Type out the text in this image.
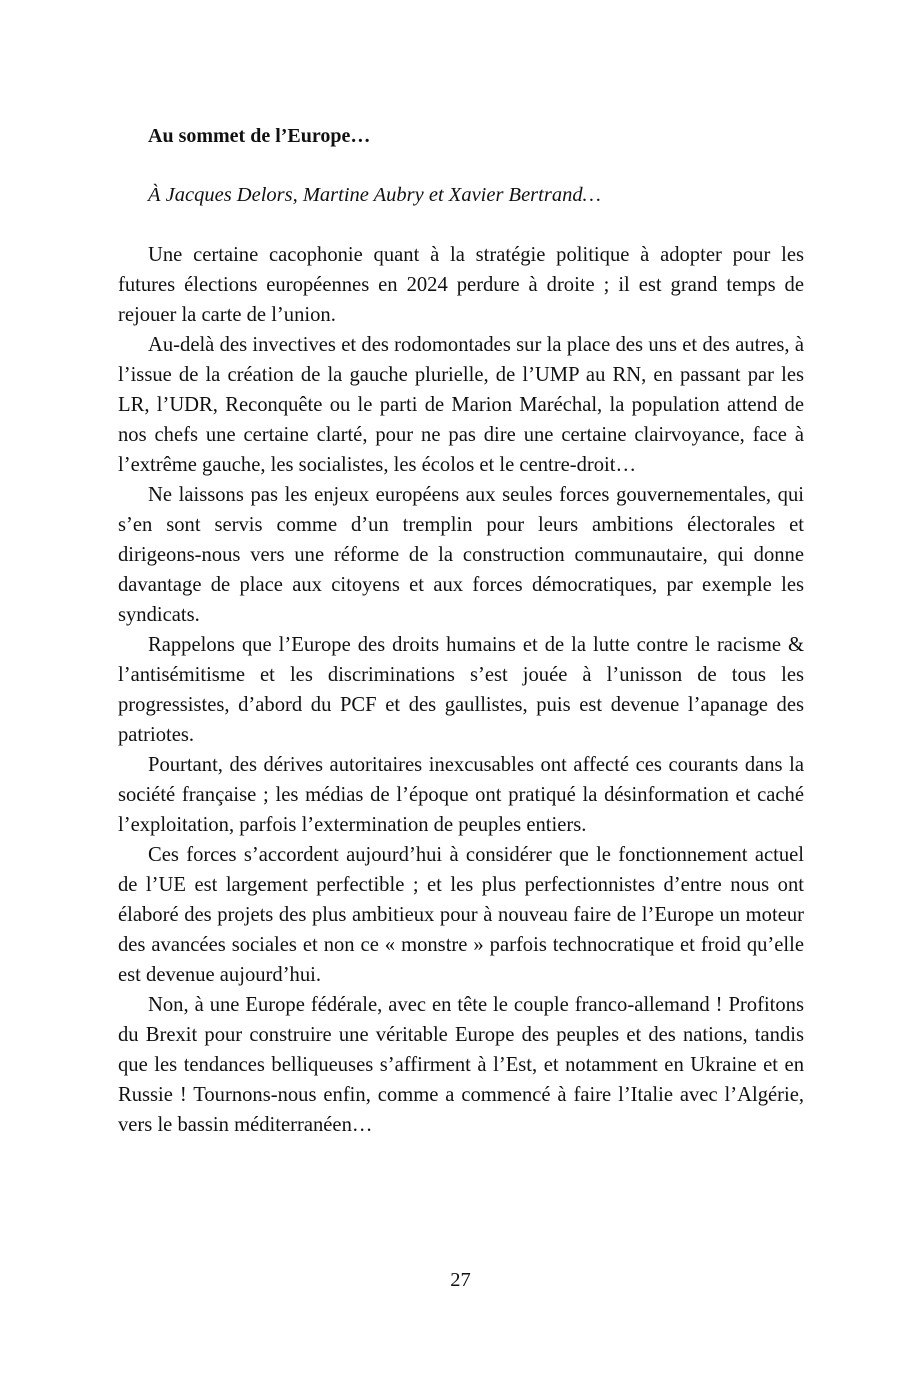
Au sommet de l’Europe…
À Jacques Delors, Martine Aubry et Xavier Bertrand…

Une certaine cacophonie quant à la stratégie politique à adopter pour les futures élections européennes en 2024 perdure à droite ; il est grand temps de rejouer la carte de l’union.

Au-delà des invectives et des rodomontades sur la place des uns et des autres, à l’issue de la création de la gauche plurielle, de l’UMP au RN, en passant par les LR, l’UDR, Reconquête ou le parti de Marion Maréchal, la population attend de nos chefs une certaine clarté, pour ne pas dire une certaine clairvoyance, face à l’extrême gauche, les socialistes, les écolos et le centre-droit…

Ne laissons pas les enjeux européens aux seules forces gouvernementales, qui s’en sont servis comme d’un tremplin pour leurs ambitions électorales et dirigeons-nous vers une réforme de la construction communautaire, qui donne davantage de place aux citoyens et aux forces démocratiques, par exemple les syndicats.

Rappelons que l’Europe des droits humains et de la lutte contre le racisme & l’antisémitisme et les discriminations s’est jouée à l’unisson de tous les progressistes, d’abord du PCF et des gaullistes, puis est devenue l’apanage des patriotes.

Pourtant, des dérives autoritaires inexcusables ont affecté ces courants dans la société française ; les médias de l’époque ont pratiqué la désinformation et caché l’exploitation, parfois l’extermination de peuples entiers.

Ces forces s’accordent aujourd’hui à considérer que le fonctionnement actuel de l’UE est largement perfectible ; et les plus perfectionnistes d’entre nous ont élaboré des projets des plus ambitieux pour à nouveau faire de l’Europe un moteur des avancées sociales et non ce « monstre » parfois technocratique et froid qu’elle est devenue aujourd’hui.

Non, à une Europe fédérale, avec en tête le couple franco-allemand ! Profitons du Brexit pour construire une véritable Europe des peuples et des nations, tandis que les tendances belliqueuses s’affirment à l’Est, et notamment en Ukraine et en Russie ! Tournons-nous enfin, comme a commencé à faire l’Italie avec l’Algérie, vers le bassin méditerranéen…

27
